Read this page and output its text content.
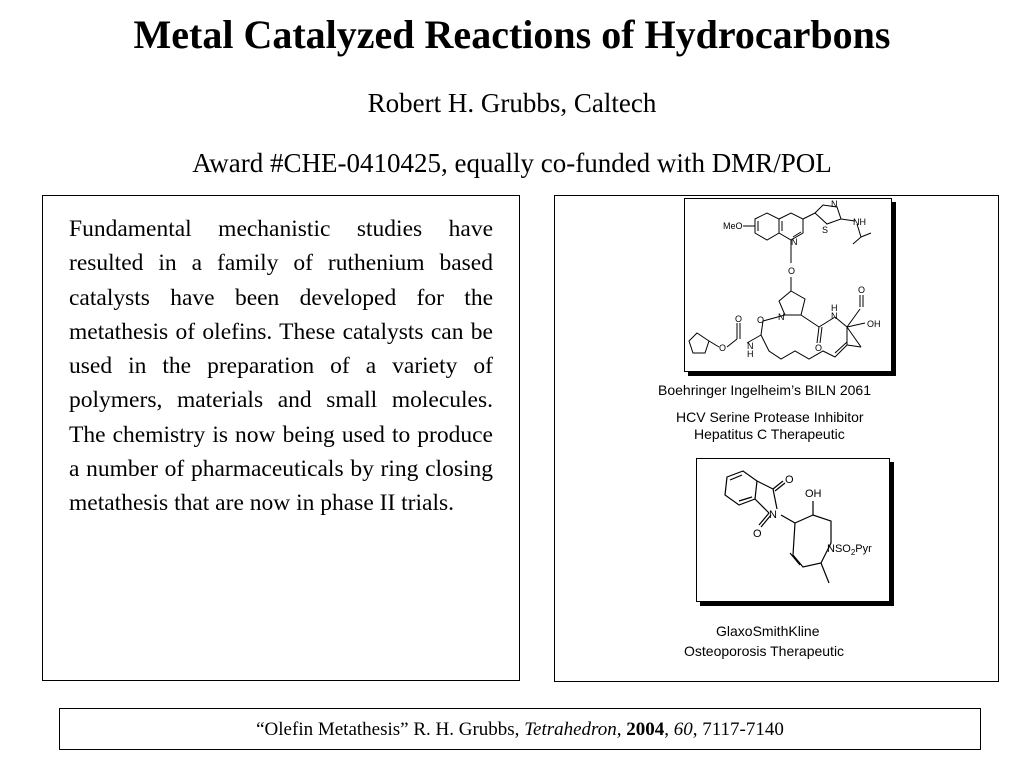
Metal Catalyzed Reactions of Hydrocarbons
Robert H. Grubbs, Caltech
Award #CHE-0410425, equally co-funded with DMR/POL

Fundamental mechanistic studies have resulted in a family of ruthenium based catalysts have been developed for the metathesis of olefins. These catalysts can be used in the preparation of a variety of polymers, materials and small molecules. The chemistry is now being used to produce a number of pharmaceuticals by ring closing metathesis that are now in phase II trials.

MeO
N
N
S
NH
O
N
O
O
N
H
O
OH
O
O N
H
Boehringer Ingelheim’s BILN 2061
HCV Serine Protease Inhibitor
Hepatitus C Therapeutic
O
N
O
OH
$NSO_2Pyr$
GlaxoSmithKline
Osteoporosis Therapeutic
“Olefin Metathesis” R. H. Grubbs, Tetrahedron, 2004, 60, 7117-7140
